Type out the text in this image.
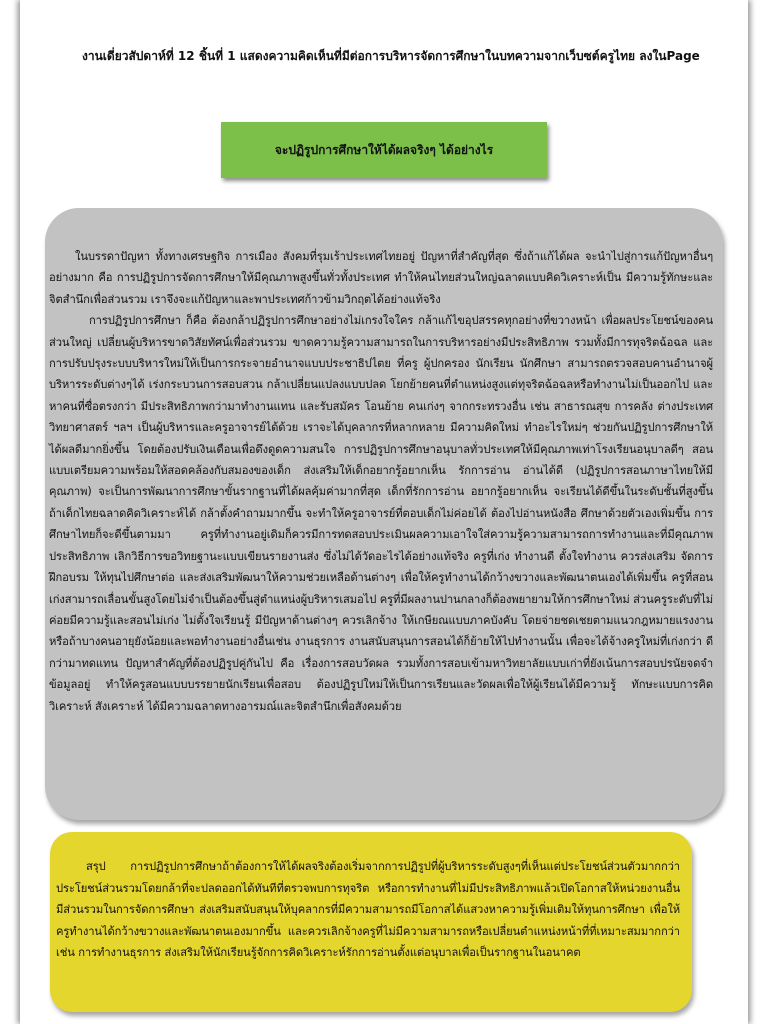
งานเดี่ยวสัปดาห์ที่ 12 ชิ้นที่ 1 แสดงความคิดเห็นที่มีต่อการบริหารจัดการศึกษาในบทความจากเว็บซต์ครูไทย ลงในPage

จะปฏิรูปการศึกษาให้ได้ผลจริงๆ ได้อย่างไร

ในบรรดาปัญหา ทั้งทางเศรษฐกิจ การเมือง สังคมที่รุมเร้าประเทศไทยอยู่ ปัญหาที่สำคัญที่สุด ซึ่งถ้าแก้ได้ผล จะนำไปสู่การแก้ปัญหาอื่นๆ อย่างมาก คือ การปฏิรูปการจัดการศึกษาให้มีคุณภาพสูงขึ้นทั่วทั้งประเทศ ทำให้คนไทยส่วนใหญ่ฉลาดแบบคิดวิเคราะห์เป็น มีความรู้ทักษะและจิตสำนึกเพื่อส่วนรวม เราจึงจะแก้ปัญหาและพาประเทศก้าวข้ามวิกฤตได้อย่างแท้จริง

การปฏิรูปการศึกษา ก็คือ ต้องกล้าปฏิรูปการศึกษาอย่างไม่เกรงใจใคร กล้าแก้ไขอุปสรรคทุกอย่างที่ขวางหน้า เพื่อผลประโยชน์ของคนส่วนใหญ่ เปลี่ยนผู้บริหารขาดวิสัยทัศน์เพื่อส่วนรวม ขาดความรู้ความสามารถในการบริหารอย่างมีประสิทธิภาพ รวมทั้งมีการทุจริตฉ้อฉล และการปรับปรุงระบบบริหารใหม่ให้เป็นการกระจายอำนาจแบบประชาธิปไตย ที่ครู ผู้ปกครอง นักเรียน นักศึกษา สามารถตรวจสอบคานอำนาจผู้บริหารระดับต่างๆได้ เร่งกระบวนการสอบสวน กล้าเปลี่ยนแปลงแบบปลด โยกย้ายคนที่ตำแหน่งสูงแต่ทุจริตฉ้อฉลหรือทำงานไม่เป็นออกไป และหาคนที่ซื่อตรงกว่า มีประสิทธิภาพกว่ามาทำงานแทน และรับสมัคร โอนย้าย คนเก่งๆ จากกระทรวงอื่น เช่น สาธารณสุข การคลัง ต่างประเทศ วิทยาศาสตร์ ฯลฯ เป็นผู้บริหารและครูอาจารย์ได้ด้วย เราจะได้บุคลากรที่หลากหลาย มีความคิดใหม่ ทำอะไรใหม่ๆ ช่วยกันปฏิรูปการศึกษาให้ได้ผลดีมากยิ่งขึ้น โดยต้องปรับเงินเดือนเพื่อดึงดูดความสนใจ การปฏิรูปการศึกษาอนุบาลทั่วประเทศให้มีคุณภาพเท่าโรงเรียนอนุบาลดีๆ สอนแบบเตรียมความพร้อมให้สอดคล้องกับสมองของเด็ก ส่งเสริมให้เด็กอยากรู้อยากเห็น รักการอ่าน อ่านได้ดี (ปฏิรูปการสอนภาษาไทยให้มีคุณภาพ) จะเป็นการพัฒนาการศึกษาขั้นรากฐานที่ได้ผลคุ้มค่ามากที่สุด เด็กที่รักการอ่าน อยากรู้อยากเห็น จะเรียนได้ดีขึ้นในระดับชั้นที่สูงขึ้น ถ้าเด็กไทยฉลาดคิดวิเคราะห์ได้ กล้าตั้งคำถามมากขึ้น จะทำให้ครูอาจารย์ที่ตอบเด็กไม่ค่อยได้ ต้องไปอ่านหนังสือ ศึกษาด้วยตัวเองเพิ่มขึ้น การศึกษาไทยก็จะดีขึ้นตามมา ครูที่ทำงานอยู่เดิมก็ควรมีการทดสอบประเมินผลความเอาใจใส่ความรู้ความสามารถการทำงานและที่มีคุณภาพประสิทธิภาพ เลิกวิธีการขอวิทยฐานะแบบเขียนรายงานส่ง ซึ่งไม่ได้วัดอะไรได้อย่างแท้จริง ครูที่เก่ง ทำงานดี ตั้งใจทำงาน ควรส่งเสริม จัดการฝึกอบรม ให้ทุนไปศึกษาต่อ และส่งเสริมพัฒนาให้ความช่วยเหลือด้านต่างๆ เพื่อให้ครูทำงานได้กว้างขวางและพัฒนาตนเองได้เพิ่มขึ้น ครูที่สอนเก่งสามารถเลื่อนขั้นสูงโดยไม่จำเป็นต้องขึ้นสู่ตำแหน่งผู้บริหารเสมอไป ครูที่มีผลงานปานกลางก็ต้องพยายามให้การศึกษาใหม่ ส่วนครูระดับที่ไม่ค่อยมีความรู้และสอนไม่เก่ง ไม่ตั้งใจเรียนรู้ มีปัญหาด้านต่างๆ ควรเลิกจ้าง ให้เกษียณแบบภาคบังคับ โดยจ่ายชดเชยตามแนวกฎหมายแรงงาน หรือถ้าบางคนอายุยังน้อยและพอทำงานอย่างอื่นเช่น งานธุรการ งานสนับสนุนการสอนได้ก็ย้ายให้ไปทำงานนั้น เพื่อจะได้จ้างครูใหม่ที่เก่งกว่า ดีกว่ามาทดแทน ปัญหาสำคัญที่ต้องปฏิรูปคู่กันไป คือ เรื่องการสอบวัดผล รวมทั้งการสอบเข้ามหาวิทยาลัยแบบเก่าที่ยังเน้นการสอบปรนัยจดจำข้อมูลอยู่ ทำให้ครูสอนแบบบรรยายนักเรียนเพื่อสอบ ต้องปฏิรูปใหม่ให้เป็นการเรียนและวัดผลเพื่อให้ผู้เรียนได้มีความรู้ ทักษะแบบการคิดวิเคราะห์ สังเคราะห์ ได้มีความฉลาดทางอารมณ์และจิตสำนึกเพื่อสังคมด้วย

สรุป การปฏิรูปการศึกษาถ้าต้องการให้ได้ผลจริงต้องเริ่มจากการปฏิรูปที่ผู้บริหารระดับสูงๆที่เห็นแต่ประโยชน์ส่วนตัวมากกว่าประโยชน์ส่วนรวมโดยกล้าที่จะปลดออกได้ทันทีที่ตรวจพบการทุจริต หรือการทำงานที่ไม่มีประสิทธิภาพแล้วเปิดโอกาสให้หน่วยงานอื่นมีส่วนรวมในการจัดการศึกษา ส่งเสริมสนับสนุนให้บุคลากรที่มีความสามารถมีโอกาสได้แสวงหาความรู้เพิ่มเติมให้ทุนการศึกษา เพื่อให้ครูทำงานได้กว้างขวางและพัฒนาตนเองมากขึ้น และควรเลิกจ้างครูที่ไม่มีความสามารถหรือเปลี่ยนตำแหน่งหน้าที่ที่เหมาะสมมากกว่า เช่น การทำงานธุรการ ส่งเสริมให้นักเรียนรู้จักการคิดวิเคราะห์รักการอ่านตั้งแต่อนุบาลเพื่อเป็นรากฐานในอนาคต
